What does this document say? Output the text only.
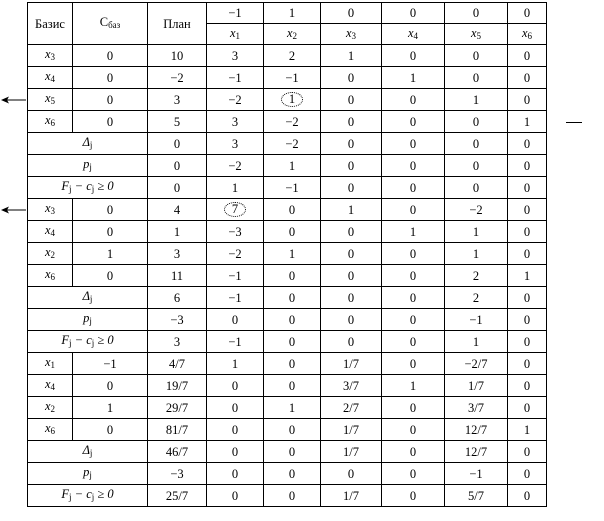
Базис	$С_{баз}$	План	−1	1	0	0	0	0
			$x_1$	$x_2$	$x_3$	$x_4$	$x_5$	$x_6$
$x_3$	0	10	3	2	1	0	0	0
$x_4$	0	−2	−1	−1	0	1	0	0
$x_5$	0	3	−2	1	0	0	1	0
$x_6$	0	5	3	−2	0	0	0	1
$\Delta_j$		0	3	−2	0	0	0	0
$p_j$		0	−2	1	0	0	0	0
$F_j - c_j \ge 0$		0	1	−1	0	0	0	0
$x_3$	0	4	7	0	1	0	−2	0
$x_4$	0	1	−3	0	0	1	1	0
$x_2$	1	3	−2	1	0	0	1	0
$x_6$	0	11	−1	0	0	0	2	1
$\Delta_j$		6	−1	0	0	0	2	0
$p_j$		−3	0	0	0	0	−1	0
$F_j - c_j \ge 0$		3	−1	0	0	0	1	0
$x_1$	−1	4/7	1	0	1/7	0	−2/7	0
$x_4$	0	19/7	0	0	3/7	1	1/7	0
$x_2$	1	29/7	0	1	2/7	0	3/7	0
$x_6$	0	81/7	0	0	1/7	0	12/7	1
$\Delta_j$		46/7	0	0	1/7	0	12/7	0
$p_j$		−3	0	0	0	0	−1	0
$F_j - c_j \ge 0$		25/7	0	0	1/7	0	5/7	0
